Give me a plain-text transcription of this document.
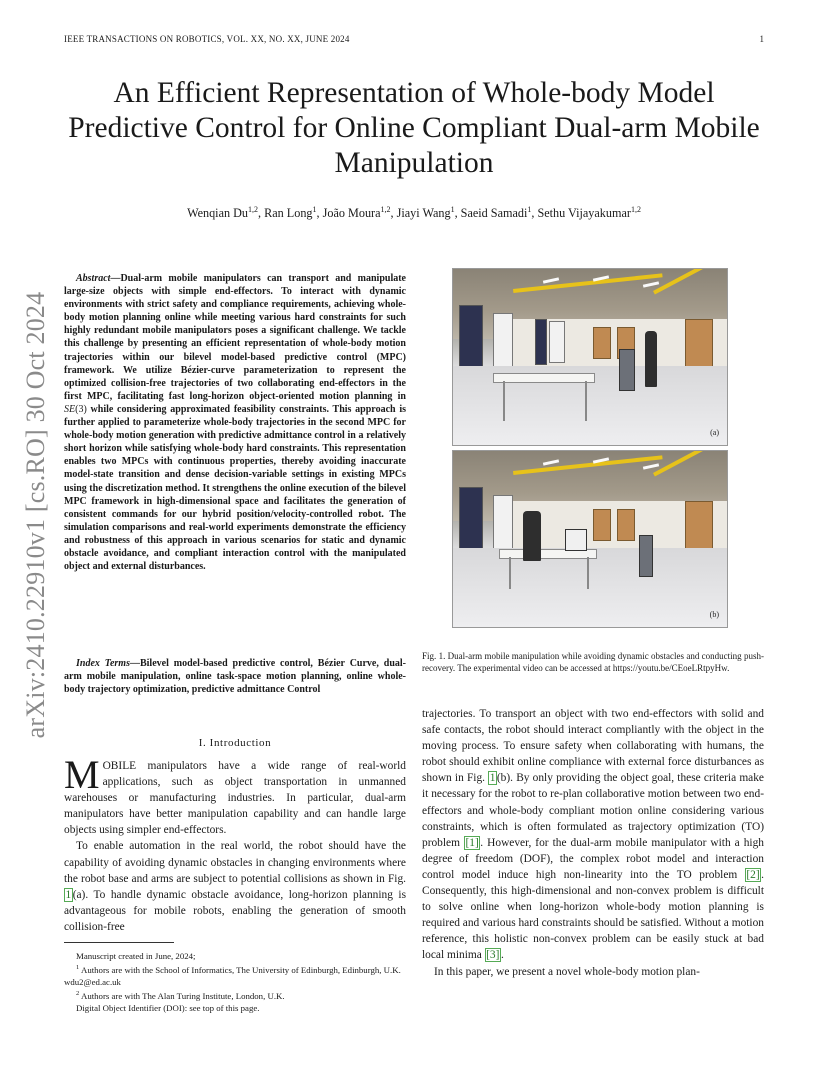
IEEE TRANSACTIONS ON ROBOTICS, VOL. XX, NO. XX, JUNE 2024	1
arXiv:2410.22910v1 [cs.RO] 30 Oct 2024
An Efficient Representation of Whole-body Model Predictive Control for Online Compliant Dual-arm Mobile Manipulation
Wenqian Du$^{1,2}$, Ran Long$^1$, João Moura$^{1,2}$, Jiayi Wang$^1$, Saeid Samadi$^1$, Sethu Vijayakumar$^{1,2}$
Abstract—Dual-arm mobile manipulators can transport and manipulate large-size objects with simple end-effectors. To interact with dynamic environments with strict safety and compliance requirements, achieving whole-body motion planning online while meeting various hard constraints for such highly redundant mobile manipulators poses a significant challenge. We tackle this challenge by presenting an efficient representation of whole-body motion trajectories within our bilevel model-based predictive control (MPC) framework. We utilize Bézier-curve parameterization to represent the optimized collision-free trajectories of two collaborating end-effectors in the first MPC, facilitating fast long-horizon object-oriented motion planning in SE(3) while considering approximated feasibility constraints. This approach is further applied to parameterize whole-body trajectories in the second MPC for whole-body motion generation with predictive admittance control in a relatively short horizon while satisfying whole-body hard constraints. This representation enables two MPCs with continuous properties, thereby avoiding inaccurate model-state transition and dense decision-variable settings in existing MPCs using the discretization method. It strengthens the online execution of the bilevel MPC framework in high-dimensional space and facilitates the generation of consistent commands for our hybrid position/velocity-controlled robot. The simulation comparisons and real-world experiments demonstrate the efficiency and robustness of this approach in various scenarios for static and dynamic obstacle avoidance, and compliant interaction control with the manipulated object and external disturbances.
Index Terms—Bilevel model-based predictive control, Bézier Curve, dual-arm mobile manipulation, online task-space motion planning, online whole-body trajectory optimization, predictive admittance Control
I. Introduction

MOBILE manipulators have a wide range of real-world applications, such as object transportation in unmanned warehouses or manufacturing industries. In particular, dual-arm manipulators have better manipulation capability and can handle large objects using simpler end-effectors.

To enable automation in the real world, the robot should have the capability of avoiding dynamic obstacles in changing environments where the robot base and arms are subject to potential collisions as shown in Fig. 1 (a). To handle dynamic obstacle avoidance, long-horizon planning is advantageous for mobile robots, enabling the generation of smooth collision-free

Manuscript created in June, 2024;
$^1$ Authors are with the School of Informatics, The University of Edinburgh, Edinburgh, U.K. wdu2@ed.ac.uk
$^2$ Authors are with The Alan Turing Institute, London, U.K.
Digital Object Identifier (DOI): see top of this page.
(a)
(b)
Fig. 1. Dual-arm mobile manipulation while avoiding dynamic obstacles and conducting push-recovery. The experimental video can be accessed at https://youtu.be/CEoeLRtpyHw.

trajectories. To transport an object with two end-effectors with solid and safe contacts, the robot should interact compliantly with the object in the moving process. To ensure safety when collaborating with humans, the robot should exhibit online compliance with external force disturbances as shown in Fig. 1 (b). By only providing the object goal, these criteria make it necessary for the robot to re-plan collaborative motion between two end-effectors and whole-body compliant motion online considering various constraints, which is often formulated as trajectory optimization (TO) problem [1] . However, for the dual-arm mobile manipulator with a high degree of freedom (DOF), the complex robot model and interaction control model induce high non-linearity into the TO problem [2] . Consequently, this high-dimensional and non-convex problem is difficult to solve online when long-horizon whole-body motion planning is required and various hard constraints should be satisfied. Without a motion reference, this holistic non-convex problem can be easily stuck at bad local minima [3] .

In this paper, we present a novel whole-body motion plan-
